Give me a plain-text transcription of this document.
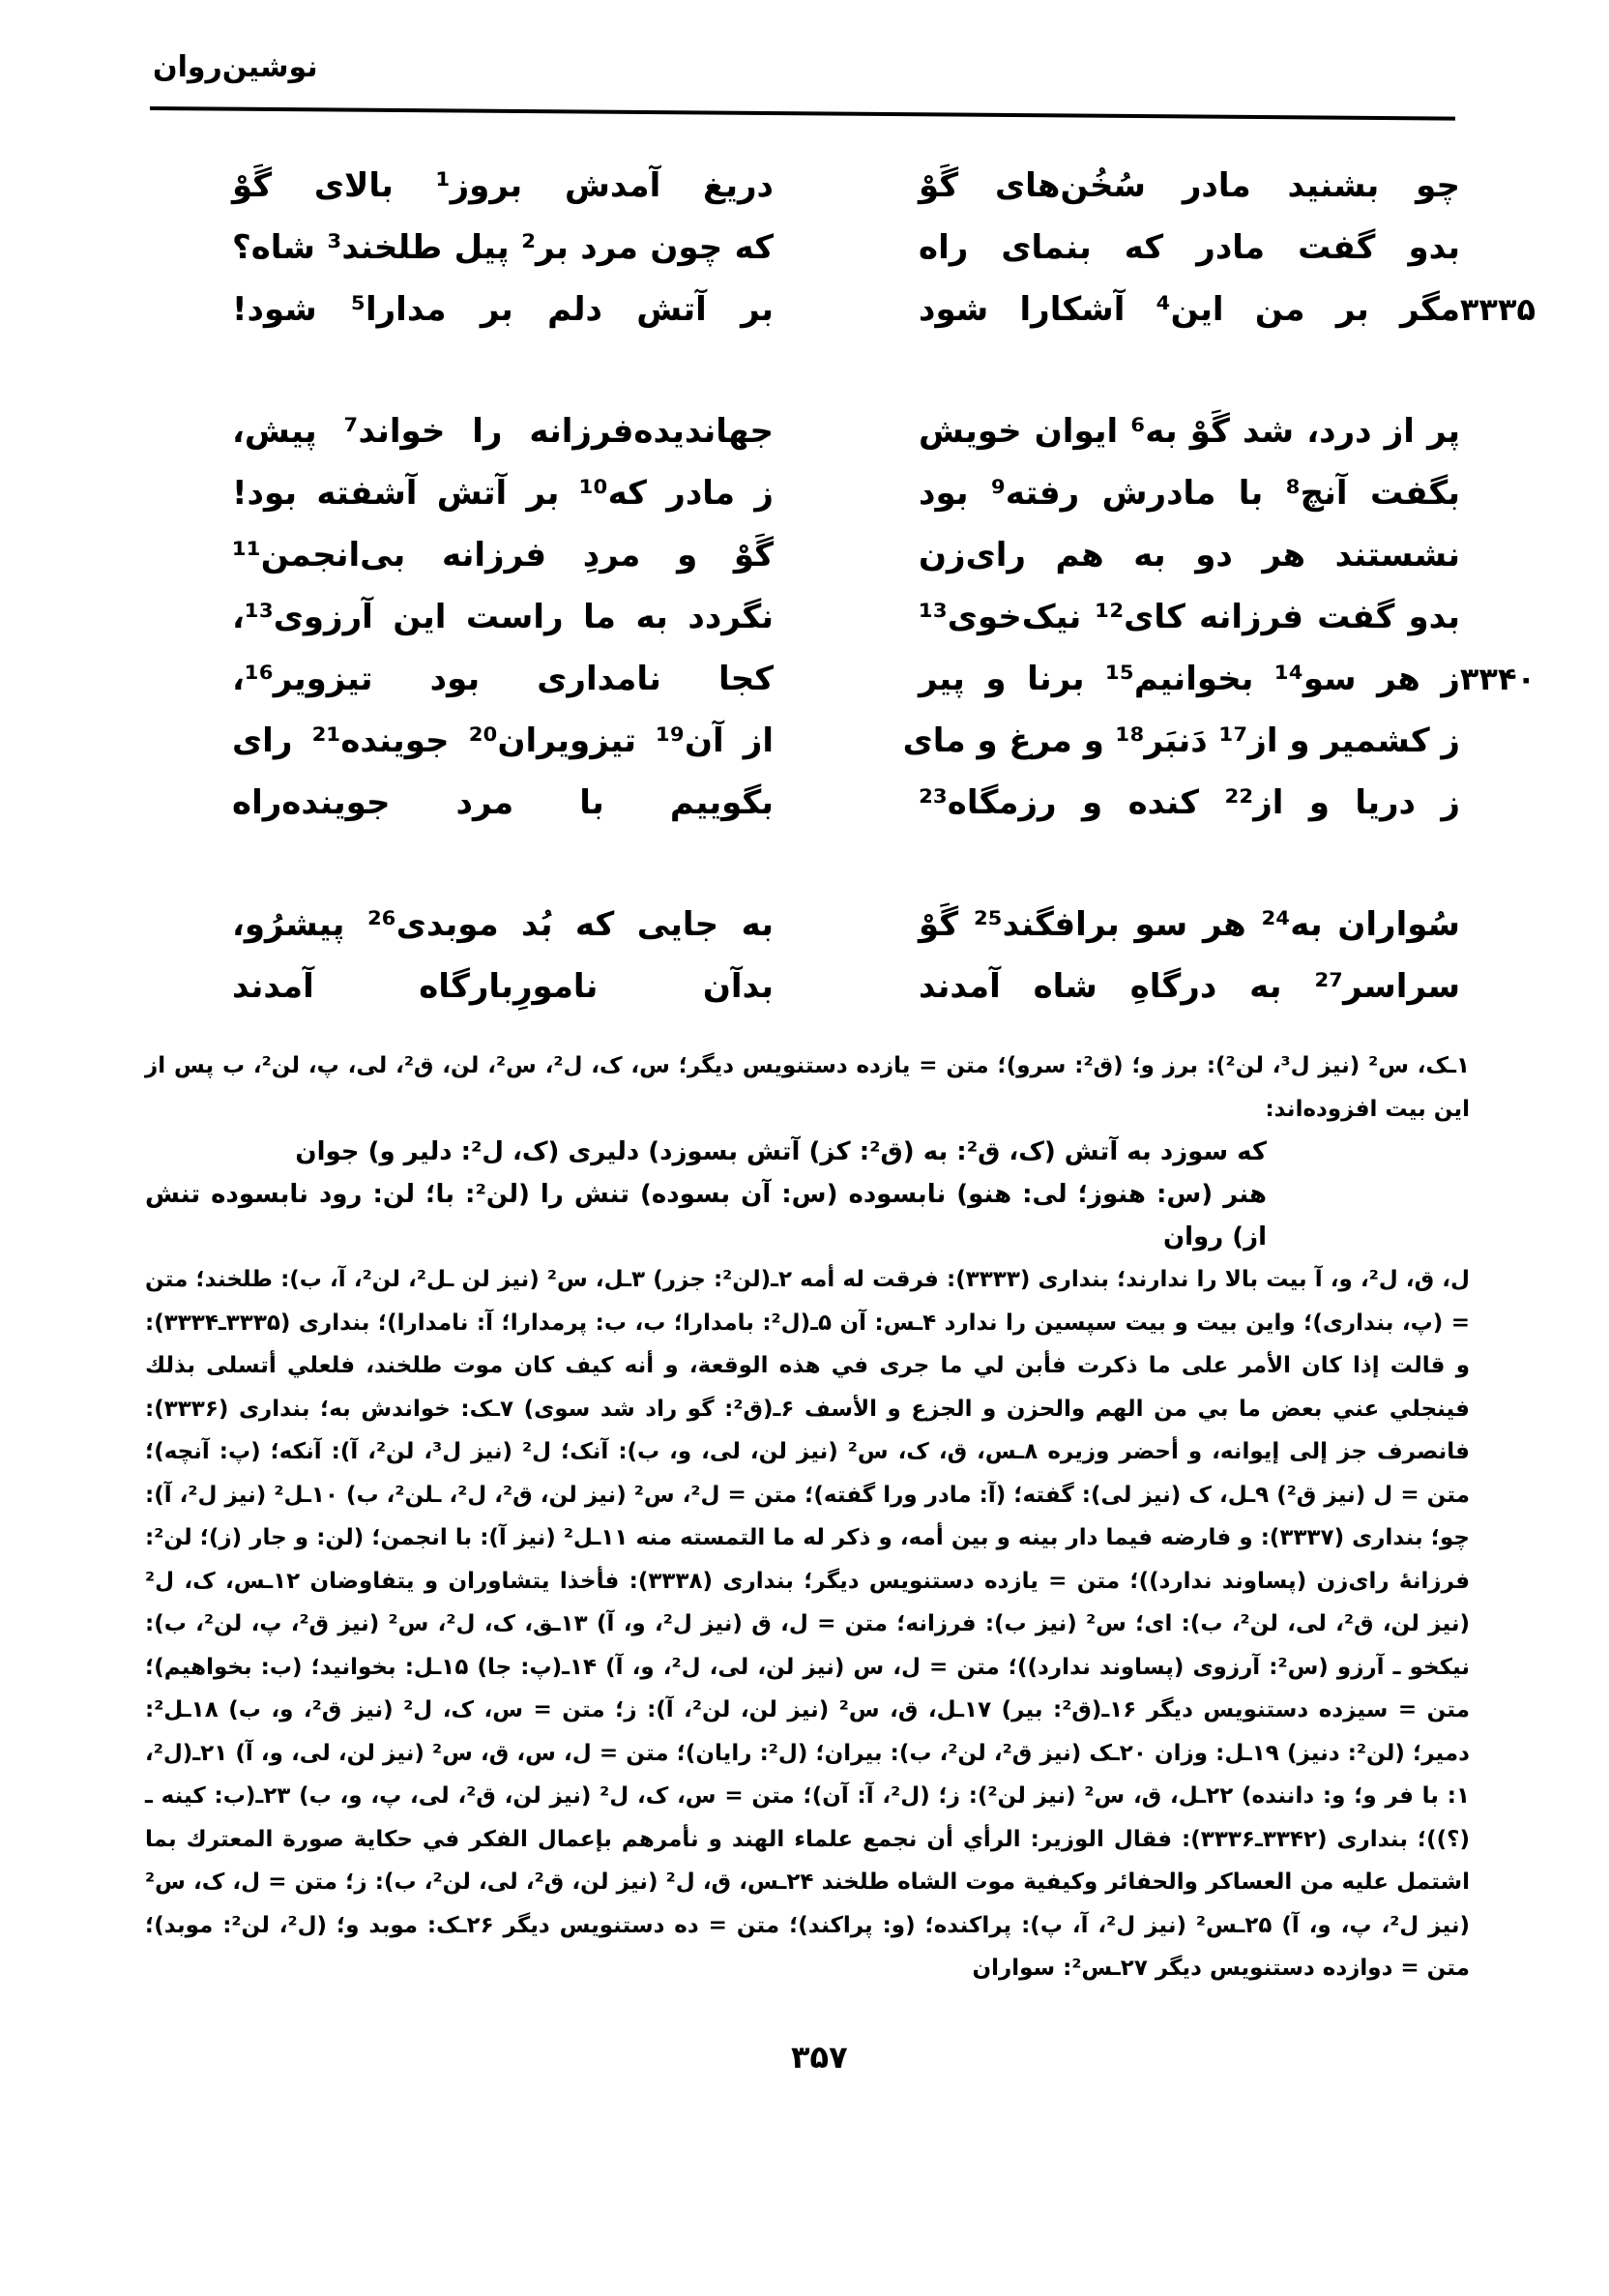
نوشین‌روان
چو بشنید مادر سُخُن‌های گَوْ
دریغ آمدش بروز¹ بالای گَوْ
بدو گفت مادر که بنمای راه
که چون مرد بر² پیل طلخند³ شاه؟
۳۳۳۵
مگر بر من این⁴ آشکارا شود
بر آتش دلم بر مدارا⁵ شود!
پر از درد، شد گَوْ به⁶ ایوان خویش
جهاندیده‌فرزانه را خواند⁷ پیش،
بگفت آنچ⁸ با مادرش رفته⁹ بود
ز مادر که¹⁰ بر آتش آشفته بود!
نشستند هر دو به هم رای‌زن
گَوْ و مردِ فرزانه بی‌انجمن¹¹
بدو گفت فرزانه کای¹² نیک‌خوی¹³
نگردد به ما راست این آرزوی¹³،
۳۳۴۰
ز هر سو¹⁴ بخوانیم¹⁵ برنا و پیر
کجا نامداری بود تیزویر¹⁶،
ز کشمیر و از¹⁷ دَنبَر¹⁸ و مرغ و مای
از آن¹⁹ تیزویران²⁰ جوینده²¹ رای
ز دریا و از²² کنده و رزمگاه²³
بگوییم با مرد جوینده‌راه
سُواران به²⁴ هر سو برافگند²⁵ گَوْ
به جایی که بُد موبدی²⁶ پیشرُو،
سراسر²⁷ به درگاهِ شاه آمدند
بدآن نامورِبارگاه آمدند

۱ـک، س² (نیز ل³، لن²): برز و؛ (ق²: سرو)؛ متن = یازده دستنویس دیگر؛ س، ک، ل²، س²، لن، ق²، لی، پ، لن²، ب پس از این بیت افزوده‌اند:

که سوزد به آتش (ک، ق²: به (ق²: کز) آتش بسوزد) دلیری (ک، ل²: دلیر و) جوان

هنر (س: هنوز؛ لی: هنو) نابسوده (س: آن بسوده) تنش را (لن²: با؛ لن: رود نابسوده تنش از) روان

ل، ق، ل²، و، آ بیت بالا را ندارند؛ بنداری (۳۳۳۳): فرقت له أمه ۲ـ(لن²: جزر) ۳ـل، س² (نیز لن ـل²، لن²، آ، ب): طلخند؛ متن = (پ، بنداری)؛ واین بیت و بیت سپسین را ندارد ۴ـس: آن ۵ـ(ل²: بامدارا؛ ب، ب: پرمدارا؛ آ: نامدارا)؛ بنداری (۳۳۳۵ـ۳۳۳۴): و قالت إذا كان الأمر على ما ذكرت فأبن لي ما جرى في هذه الوقعة، و أنه كيف كان موت طلخند، فلعلي أتسلى بذلك فينجلي عني بعض ما بي من الهم والحزن و الجزع و الأسف ۶ـ(ق²: گو راد شد سوی) ۷ـک: خواندش به؛ بنداری (۳۳۳۶): فانصرف جز إلى إيوانه، و أحضر وزيره ۸ـس، ق، ک، س² (نیز لن، لی، و، ب): آنک؛ ل² (نیز ل³، لن²، آ): آنکه؛ (پ: آنچه)؛ متن = ل (نیز ق²) ۹ـل، ک (نیز لی): گفته؛ (آ: مادر ورا گفته)؛ متن = ل²، س² (نیز لن، ق²، ل²، ـلن²، ب) ۱۰ـل² (نیز ل²، آ): چو؛ بنداری (۳۳۳۷): و فارضه فيما دار بينه و بين أمه، و ذكر له ما التمسته منه ۱۱ـل² (نیز آ): با انجمن؛ (لن: و جار (ز)؛ لن²: فرزانهٔ رای‌زن (پساوند ندارد))؛ متن = یازده دستنویس دیگر؛ بنداری (۳۳۳۸): فأخذا يتشاوران و يتفاوضان ۱۲ـس، ک، ل² (نیز لن، ق²، لی، لن²، ب): ای؛ س² (نیز ب): فرزانه؛ متن = ل، ق (نیز ل²، و، آ) ۱۳ـق، ک، ل²، س² (نیز ق²، پ، لن²، ب): نیکخو ـ آرزو (س²: آرزوی (پساوند ندارد))؛ متن = ل، س (نیز لن، لی، ل²، و، آ) ۱۴ـ(پ: جا) ۱۵ـل: بخوانید؛ (ب: بخواهیم)؛ متن = سیزده دستنویس دیگر ۱۶ـ(ق²: بیر) ۱۷ـل، ق، س² (نیز لن، لن²، آ): ز؛ متن = س، ک، ل² (نیز ق²، و، ب) ۱۸ـل²: دمیر؛ (لن²: دنیز) ۱۹ـل: وزان ۲۰ـک (نیز ق²، لن²، ب): بیران؛ (ل²: رایان)؛ متن = ل، س، ق، س² (نیز لن، لی، و، آ) ۲۱ـ(ل²، ۱: با فر و؛ و: داننده) ۲۲ـل، ق، س² (نیز لن²): ز؛ (ل²، آ: آن)؛ متن = س، ک، ل² (نیز لن، ق²، لی، پ، و، ب) ۲۳ـ(ب: کینه ـ (؟))؛ بنداری (۳۳۴۲ـ۳۳۳۶): فقال الوزير: الرأي أن نجمع علماء الهند و نأمرهم بإعمال الفكر في حكاية صورة المعترك بما اشتمل عليه من العساكر والحفائر وكيفية موت الشاه طلخند ۲۴ـس، ق، ل² (نیز لن، ق²، لی، لن²، ب): ز؛ متن = ل، ک، س² (نیز ل²، پ، و، آ) ۲۵ـس² (نیز ل²، آ، پ): پراکنده؛ (و: پراکند)؛ متن = ده دستنویس دیگر ۲۶ـک: موبد و؛ (ل²، لن²: موبد)؛ متن = دوازده دستنویس دیگر ۲۷ـس²: سواران

۳۵۷
